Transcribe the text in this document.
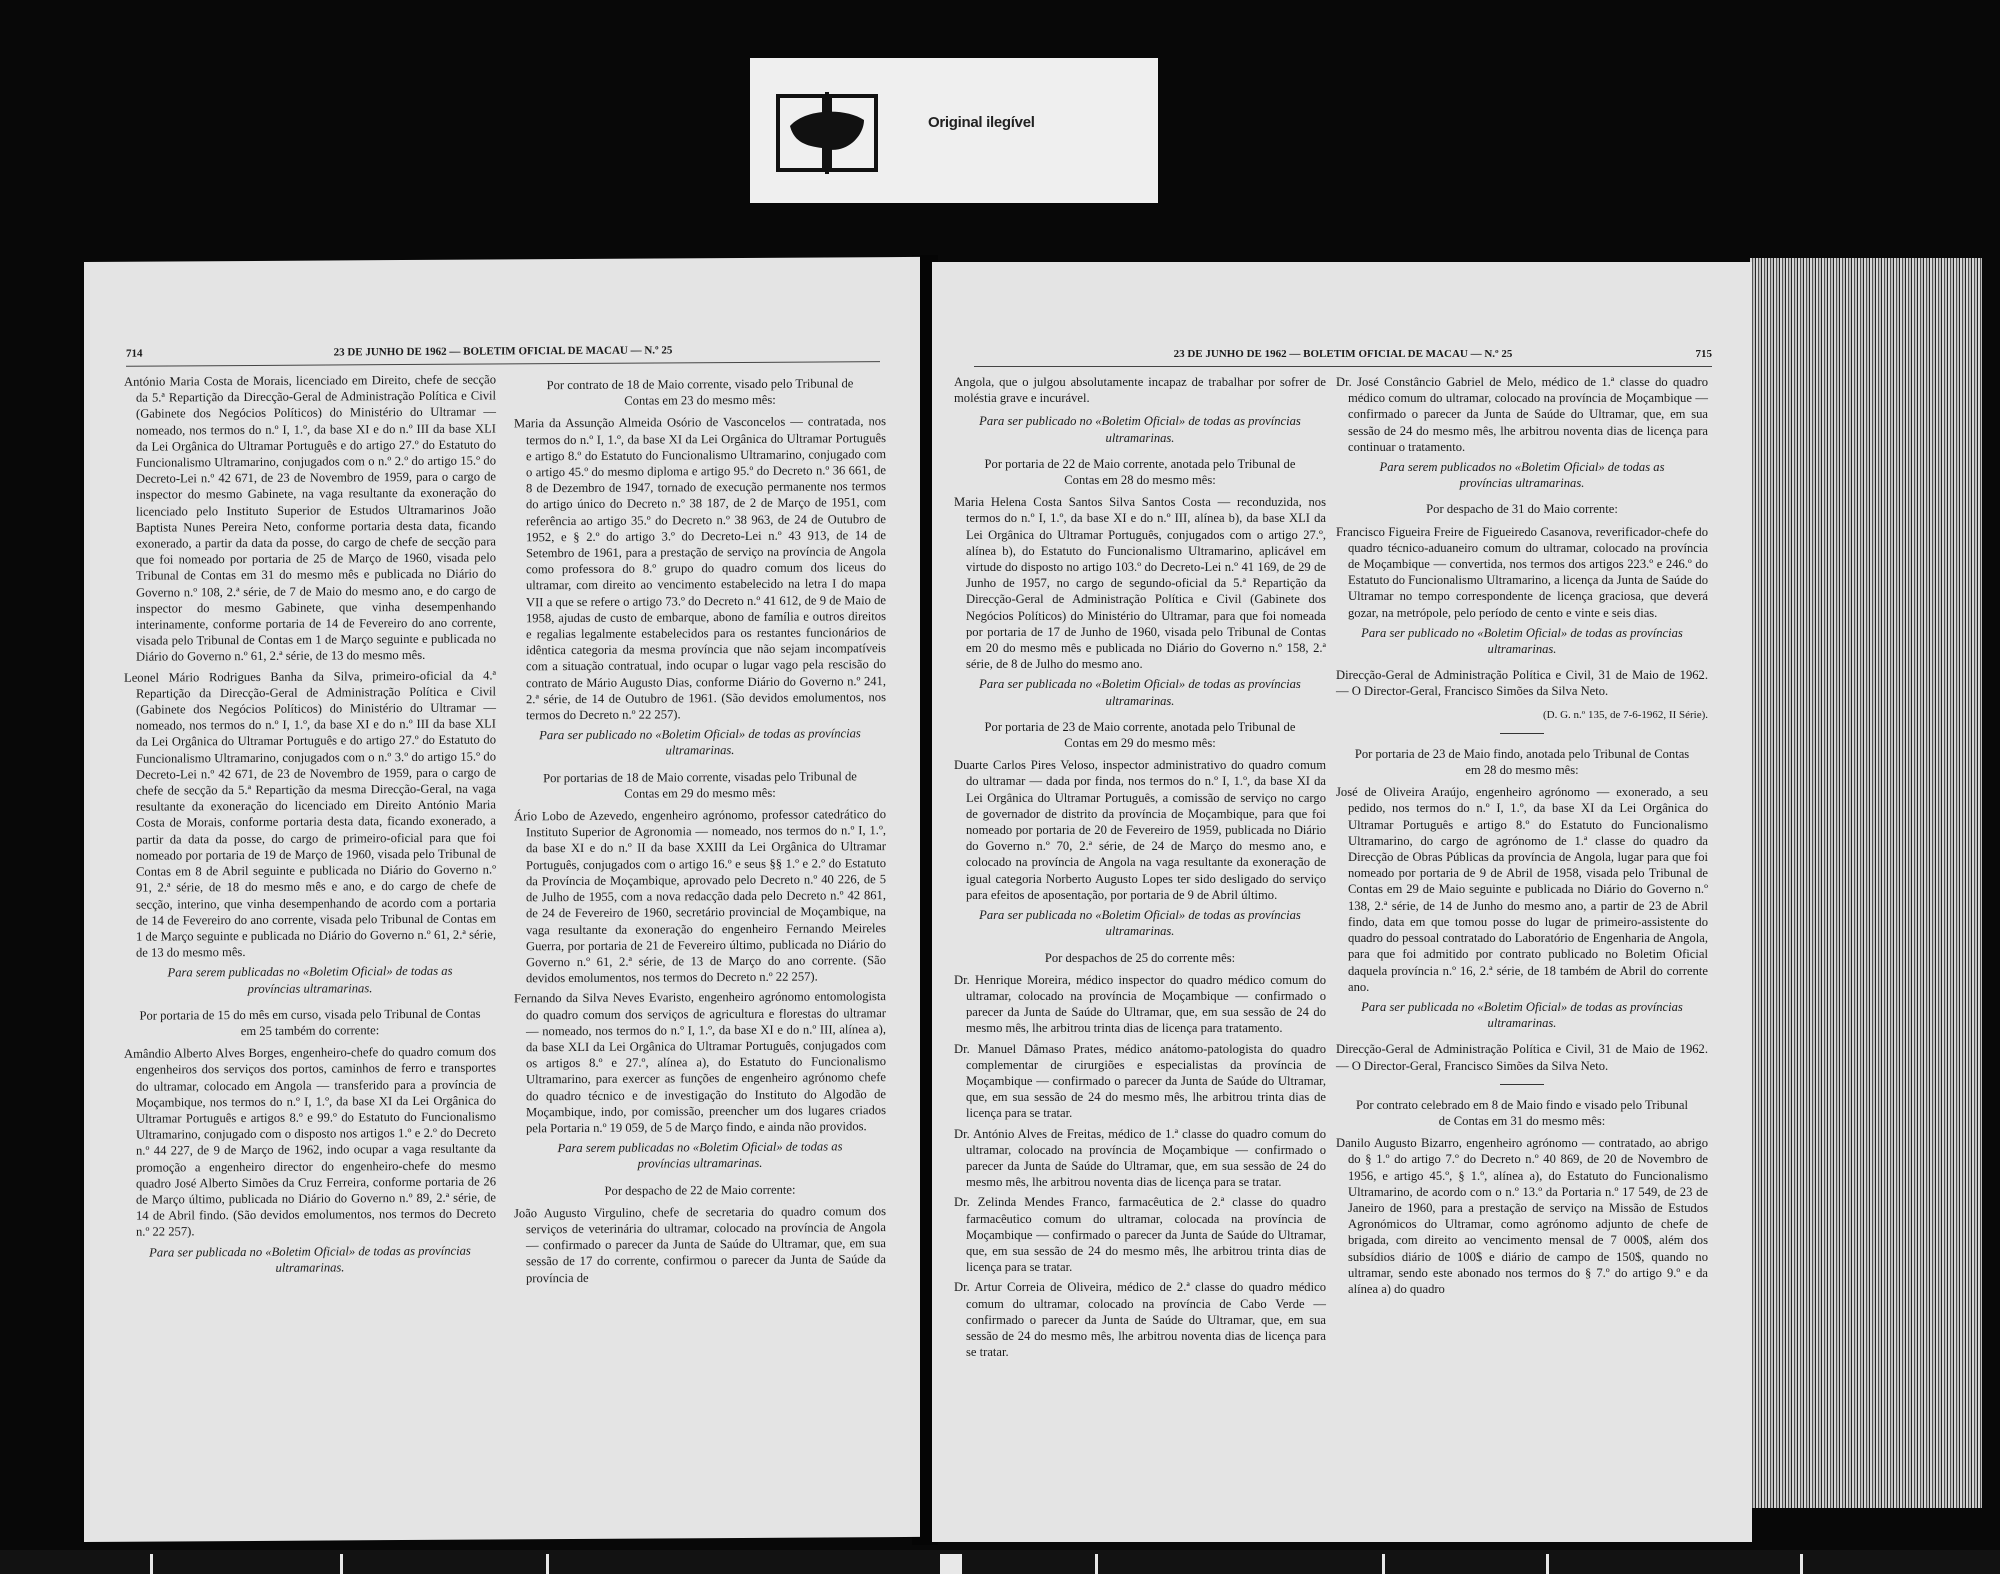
Original ilegível
714	23 DE JUNHO DE 1962 — BOLETIM OFICIAL DE MACAU — N.º 25

António Maria Costa de Morais, licenciado em Direito, chefe de secção da 5.ª Repartição da Direcção-Geral de Administração Política e Civil (Gabinete dos Negócios Políticos) do Ministério do Ultramar — nomeado, nos termos do n.º I, 1.º, da base XI e do n.º III da base XLI da Lei Orgânica do Ultramar Português e do artigo 27.º do Estatuto do Funcionalismo Ultramarino, conjugados com o n.º 2.º do artigo 15.º do Decreto-Lei n.º 42 671, de 23 de Novembro de 1959, para o cargo de inspector do mesmo Gabinete, na vaga resultante da exoneração do licenciado pelo Instituto Superior de Estudos Ultramarinos João Baptista Nunes Pereira Neto, conforme portaria desta data, ficando exonerado, a partir da data da posse, do cargo de chefe de secção para que foi nomeado por portaria de 25 de Março de 1960, visada pelo Tribunal de Contas em 31 do mesmo mês e publicada no Diário do Governo n.º 108, 2.ª série, de 7 de Maio do mesmo ano, e do cargo de inspector do mesmo Gabinete, que vinha desempenhando interinamente, conforme portaria de 14 de Fevereiro do ano corrente, visada pelo Tribunal de Contas em 1 de Março seguinte e publicada no Diário do Governo n.º 61, 2.ª série, de 13 do mesmo mês.

Leonel Mário Rodrigues Banha da Silva, primeiro-oficial da 4.ª Repartição da Direcção-Geral de Administração Política e Civil (Gabinete dos Negócios Políticos) do Ministério do Ultramar — nomeado, nos termos do n.º I, 1.º, da base XI e do n.º III da base XLI da Lei Orgânica do Ultramar Português e do artigo 27.º do Estatuto do Funcionalismo Ultramarino, conjugados com o n.º 3.º do artigo 15.º do Decreto-Lei n.º 42 671, de 23 de Novembro de 1959, para o cargo de chefe de secção da 5.ª Repartição da mesma Direcção-Geral, na vaga resultante da exoneração do licenciado em Direito António Maria Costa de Morais, conforme portaria desta data, ficando exonerado, a partir da data da posse, do cargo de primeiro-oficial para que foi nomeado por portaria de 19 de Março de 1960, visada pelo Tribunal de Contas em 8 de Abril seguinte e publicada no Diário do Governo n.º 91, 2.ª série, de 18 do mesmo mês e ano, e do cargo de chefe de secção, interino, que vinha desempenhando de acordo com a portaria de 14 de Fevereiro do ano corrente, visada pelo Tribunal de Contas em 1 de Março seguinte e publicada no Diário do Governo n.º 61, 2.ª série, de 13 do mesmo mês.

Para serem publicadas no «Boletim Oficial» de todas as províncias ultramarinas.

Por portaria de 15 do mês em curso, visada pelo Tribunal de Contas em 25 também do corrente:

Amândio Alberto Alves Borges, engenheiro-chefe do quadro comum dos engenheiros dos serviços dos portos, caminhos de ferro e transportes do ultramar, colocado em Angola — transferido para a província de Moçambique, nos termos do n.º I, 1.º, da base XI da Lei Orgânica do Ultramar Português e artigos 8.º e 99.º do Estatuto do Funcionalismo Ultramarino, conjugado com o disposto nos artigos 1.º e 2.º do Decreto n.º 44 227, de 9 de Março de 1962, indo ocupar a vaga resultante da promoção a engenheiro director do engenheiro-chefe do mesmo quadro José Alberto Simões da Cruz Ferreira, conforme portaria de 26 de Março último, publicada no Diário do Governo n.º 89, 2.ª série, de 14 de Abril findo. (São devidos emolumentos, nos termos do Decreto n.º 22 257).

Para ser publicada no «Boletim Oficial» de todas as províncias ultramarinas.

Por contrato de 18 de Maio corrente, visado pelo Tribunal de Contas em 23 do mesmo mês:

Maria da Assunção Almeida Osório de Vasconcelos — contratada, nos termos do n.º I, 1.º, da base XI da Lei Orgânica do Ultramar Português e artigo 8.º do Estatuto do Funcionalismo Ultramarino, conjugado com o artigo 45.º do mesmo diploma e artigo 95.º do Decreto n.º 36 661, de 8 de Dezembro de 1947, tornado de execução permanente nos termos do artigo único do Decreto n.º 38 187, de 2 de Março de 1951, com referência ao artigo 35.º do Decreto n.º 38 963, de 24 de Outubro de 1952, e § 2.º do artigo 3.º do Decreto-Lei n.º 43 913, de 14 de Setembro de 1961, para a prestação de serviço na província de Angola como professora do 8.º grupo do quadro comum dos liceus do ultramar, com direito ao vencimento estabelecido na letra I do mapa VII a que se refere o artigo 73.º do Decreto n.º 41 612, de 9 de Maio de 1958, ajudas de custo de embarque, abono de família e outros direitos e regalias legalmente estabelecidos para os restantes funcionários de idêntica categoria da mesma província que não sejam incompatíveis com a situação contratual, indo ocupar o lugar vago pela rescisão do contrato de Mário Augusto Dias, conforme Diário do Governo n.º 241, 2.ª série, de 14 de Outubro de 1961. (São devidos emolumentos, nos termos do Decreto n.º 22 257).

Para ser publicado no «Boletim Oficial» de todas as províncias ultramarinas.

Por portarias de 18 de Maio corrente, visadas pelo Tribunal de Contas em 29 do mesmo mês:

Ário Lobo de Azevedo, engenheiro agrónomo, professor catedrático do Instituto Superior de Agronomia — nomeado, nos termos do n.º I, 1.º, da base XI e do n.º II da base XXIII da Lei Orgânica do Ultramar Português, conjugados com o artigo 16.º e seus §§ 1.º e 2.º do Estatuto da Província de Moçambique, aprovado pelo Decreto n.º 40 226, de 5 de Julho de 1955, com a nova redacção dada pelo Decreto n.º 42 861, de 24 de Fevereiro de 1960, secretário provincial de Moçambique, na vaga resultante da exoneração do engenheiro Fernando Meireles Guerra, por portaria de 21 de Fevereiro último, publicada no Diário do Governo n.º 61, 2.ª série, de 13 de Março do ano corrente. (São devidos emolumentos, nos termos do Decreto n.º 22 257).

Fernando da Silva Neves Evaristo, engenheiro agrónomo entomologista do quadro comum dos serviços de agricultura e florestas do ultramar — nomeado, nos termos do n.º I, 1.º, da base XI e do n.º III, alínea a), da base XLI da Lei Orgânica do Ultramar Português, conjugados com os artigos 8.º e 27.º, alínea a), do Estatuto do Funcionalismo Ultramarino, para exercer as funções de engenheiro agrónomo chefe do quadro técnico e de investigação do Instituto do Algodão de Moçambique, indo, por comissão, preencher um dos lugares criados pela Portaria n.º 19 059, de 5 de Março findo, e ainda não providos.

Para serem publicadas no «Boletim Oficial» de todas as províncias ultramarinas.

Por despacho de 22 de Maio corrente:

João Augusto Virgulino, chefe de secretaria do quadro comum dos serviços de veterinária do ultramar, colocado na província de Angola — confirmado o parecer da Junta de Saúde do Ultramar, que, em sua sessão de 17 do corrente, confirmou o parecer da Junta de Saúde da província de

23 DE JUNHO DE 1962 — BOLETIM OFICIAL DE MACAU — N.º 25	715

Angola, que o julgou absolutamente incapaz de trabalhar por sofrer de moléstia grave e incurável.

Para ser publicado no «Boletim Oficial» de todas as províncias ultramarinas.

Por portaria de 22 de Maio corrente, anotada pelo Tribunal de Contas em 28 do mesmo mês:

Maria Helena Costa Santos Silva Santos Costa — reconduzida, nos termos do n.º I, 1.º, da base XI e do n.º III, alínea b), da base XLI da Lei Orgânica do Ultramar Português, conjugados com o artigo 27.º, alínea b), do Estatuto do Funcionalismo Ultramarino, aplicável em virtude do disposto no artigo 103.º do Decreto-Lei n.º 41 169, de 29 de Junho de 1957, no cargo de segundo-oficial da 5.ª Repartição da Direcção-Geral de Administração Política e Civil (Gabinete dos Negócios Políticos) do Ministério do Ultramar, para que foi nomeada por portaria de 17 de Junho de 1960, visada pelo Tribunal de Contas em 20 do mesmo mês e publicada no Diário do Governo n.º 158, 2.ª série, de 8 de Julho do mesmo ano.

Para ser publicada no «Boletim Oficial» de todas as províncias ultramarinas.

Por portaria de 23 de Maio corrente, anotada pelo Tribunal de Contas em 29 do mesmo mês:

Duarte Carlos Pires Veloso, inspector administrativo do quadro comum do ultramar — dada por finda, nos termos do n.º I, 1.º, da base XI da Lei Orgânica do Ultramar Português, a comissão de serviço no cargo de governador de distrito da província de Moçambique, para que foi nomeado por portaria de 20 de Fevereiro de 1959, publicada no Diário do Governo n.º 70, 2.ª série, de 24 de Março do mesmo ano, e colocado na província de Angola na vaga resultante da exoneração de igual categoria Norberto Augusto Lopes ter sido desligado do serviço para efeitos de aposentação, por portaria de 9 de Abril último.

Para ser publicada no «Boletim Oficial» de todas as províncias ultramarinas.

Por despachos de 25 do corrente mês:

Dr. Henrique Moreira, médico inspector do quadro médico comum do ultramar, colocado na província de Moçambique — confirmado o parecer da Junta de Saúde do Ultramar, que, em sua sessão de 24 do mesmo mês, lhe arbitrou trinta dias de licença para tratamento.

Dr. Manuel Dâmaso Prates, médico anátomo-patologista do quadro complementar de cirurgiões e especialistas da província de Moçambique — confirmado o parecer da Junta de Saúde do Ultramar, que, em sua sessão de 24 do mesmo mês, lhe arbitrou trinta dias de licença para se tratar.

Dr. António Alves de Freitas, médico de 1.ª classe do quadro comum do ultramar, colocado na província de Moçambique — confirmado o parecer da Junta de Saúde do Ultramar, que, em sua sessão de 24 do mesmo mês, lhe arbitrou noventa dias de licença para se tratar.

Dr. Zelinda Mendes Franco, farmacêutica de 2.ª classe do quadro farmacêutico comum do ultramar, colocada na província de Moçambique — confirmado o parecer da Junta de Saúde do Ultramar, que, em sua sessão de 24 do mesmo mês, lhe arbitrou trinta dias de licença para se tratar.

Dr. Artur Correia de Oliveira, médico de 2.ª classe do quadro médico comum do ultramar, colocado na província de Cabo Verde — confirmado o parecer da Junta de Saúde do Ultramar, que, em sua sessão de 24 do mesmo mês, lhe arbitrou noventa dias de licença para se tratar.

Dr. José Constâncio Gabriel de Melo, médico de 1.ª classe do quadro médico comum do ultramar, colocado na província de Moçambique — confirmado o parecer da Junta de Saúde do Ultramar, que, em sua sessão de 24 do mesmo mês, lhe arbitrou noventa dias de licença para continuar o tratamento.

Para serem publicados no «Boletim Oficial» de todas as províncias ultramarinas.

Por despacho de 31 do Maio corrente:

Francisco Figueira Freire de Figueiredo Casanova, reverificador-chefe do quadro técnico-aduaneiro comum do ultramar, colocado na província de Moçambique — convertida, nos termos dos artigos 223.º e 246.º do Estatuto do Funcionalismo Ultramarino, a licença da Junta de Saúde do Ultramar no tempo correspondente de licença graciosa, que deverá gozar, na metrópole, pelo período de cento e vinte e seis dias.

Para ser publicado no «Boletim Oficial» de todas as províncias ultramarinas.

Direcção-Geral de Administração Política e Civil, 31 de Maio de 1962. — O Director-Geral, Francisco Simões da Silva Neto.

(D. G. n.º 135, de 7-6-1962, II Série).

Por portaria de 23 de Maio findo, anotada pelo Tribunal de Contas em 28 do mesmo mês:

José de Oliveira Araújo, engenheiro agrónomo — exonerado, a seu pedido, nos termos do n.º I, 1.º, da base XI da Lei Orgânica do Ultramar Português e artigo 8.º do Estatuto do Funcionalismo Ultramarino, do cargo de agrónomo de 1.ª classe do quadro da Direcção de Obras Públicas da província de Angola, lugar para que foi nomeado por portaria de 9 de Abril de 1958, visada pelo Tribunal de Contas em 29 de Maio seguinte e publicada no Diário do Governo n.º 138, 2.ª série, de 14 de Junho do mesmo ano, a partir de 23 de Abril findo, data em que tomou posse do lugar de primeiro-assistente do quadro do pessoal contratado do Laboratório de Engenharia de Angola, para que foi admitido por contrato publicado no Boletim Oficial daquela província n.º 16, 2.ª série, de 18 também de Abril do corrente ano.

Para ser publicada no «Boletim Oficial» de todas as províncias ultramarinas.

Direcção-Geral de Administração Política e Civil, 31 de Maio de 1962. — O Director-Geral, Francisco Simões da Silva Neto.

Por contrato celebrado em 8 de Maio findo e visado pelo Tribunal de Contas em 31 do mesmo mês:

Danilo Augusto Bizarro, engenheiro agrónomo — contratado, ao abrigo do § 1.º do artigo 7.º do Decreto n.º 40 869, de 20 de Novembro de 1956, e artigo 45.º, § 1.º, alínea a), do Estatuto do Funcionalismo Ultramarino, de acordo com o n.º 13.º da Portaria n.º 17 549, de 23 de Janeiro de 1960, para a prestação de serviço na Missão de Estudos Agronómicos do Ultramar, como agrónomo adjunto de chefe de brigada, com direito ao vencimento mensal de 7 000$, além dos subsídios diário de 100$ e diário de campo de 150$, quando no ultramar, sendo este abonado nos termos do § 7.º do artigo 9.º e da alínea a) do quadro
